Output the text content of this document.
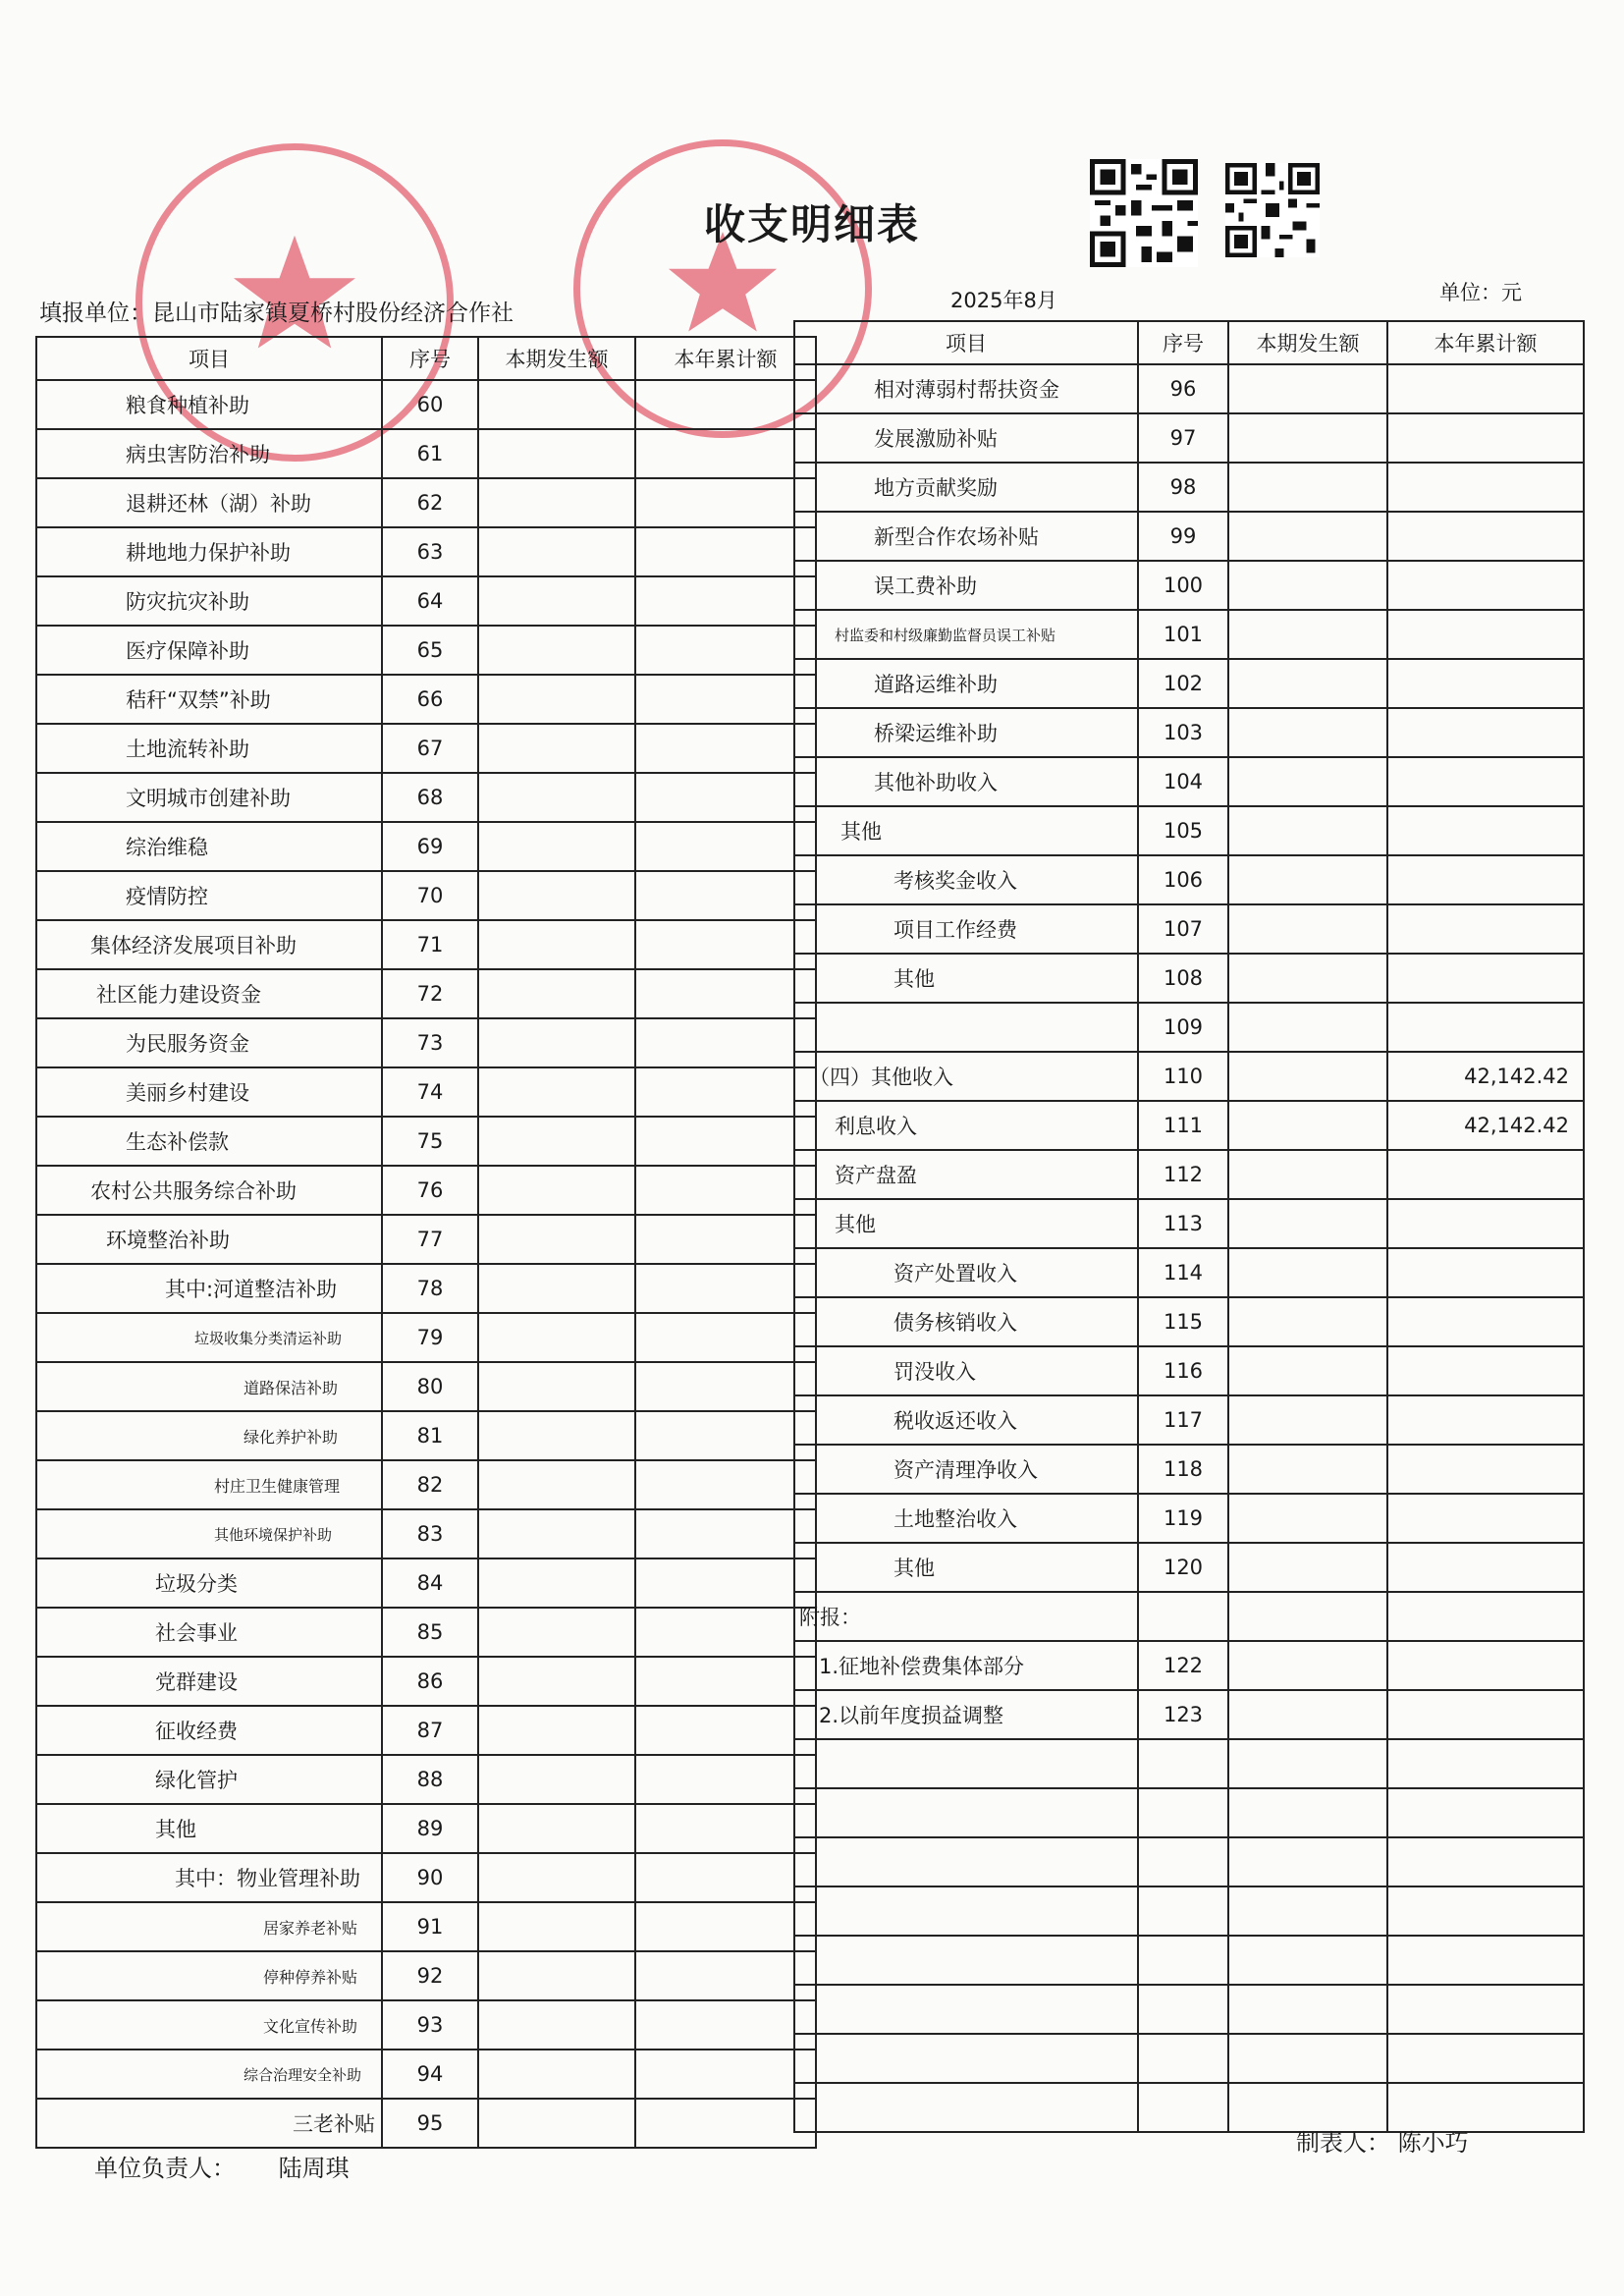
收支明细表
2025年8月	单位：元
填报单位：昆山市陆家镇夏桥村股份经济合作社
项目	序号	本期发生额	本年累计额
粮食种植补助	60		
病虫害防治补助	61		
退耕还林（湖）补助	62		
耕地地力保护补助	63		
防灾抗灾补助	64		
医疗保障补助	65		
秸秆“双禁”补助	66		
土地流转补助	67		
文明城市创建补助	68		
综治维稳	69		
疫情防控	70		
集体经济发展项目补助	71		
社区能力建设资金	72		
为民服务资金	73		
美丽乡村建设	74		
生态补偿款	75		
农村公共服务综合补助	76		
环境整治补助	77		
其中:河道整洁补助	78		
垃圾收集分类清运补助	79		
道路保洁补助	80		
绿化养护补助	81		
村庄卫生健康管理	82		
其他环境保护补助	83		
垃圾分类	84		
社会事业	85		
党群建设	86		
征收经费	87		
绿化管护	88		
其他	89		
其中：物业管理补助	90		
居家养老补贴	91		
停种停养补贴	92		
文化宣传补助	93		
综合治理安全补助	94		
三老补贴	95		
项目	序号	本期发生额	本年累计额
相对薄弱村帮扶资金	96		
发展激励补贴	97		
地方贡献奖励	98		
新型合作农场补贴	99		
误工费补助	100		
村监委和村级廉勤监督员误工补贴	101		
道路运维补助	102		
桥梁运维补助	103		
其他补助收入	104		
其他	105		
考核奖金收入	106		
项目工作经费	107		
其他	108		
	109		
（四）其他收入	110		42,142.42
利息收入	111		42,142.42
资产盘盈	112		
其他	113		
资产处置收入	114		
债务核销收入	115		
罚没收入	116		
税收返还收入	117		
资产清理净收入	118		
土地整治收入	119		
其他	120		
附报：			
1.征地补偿费集体部分	122		
2.以前年度损益调整	123		

单位负责人： 陆周琪
制表人： 陈小巧
